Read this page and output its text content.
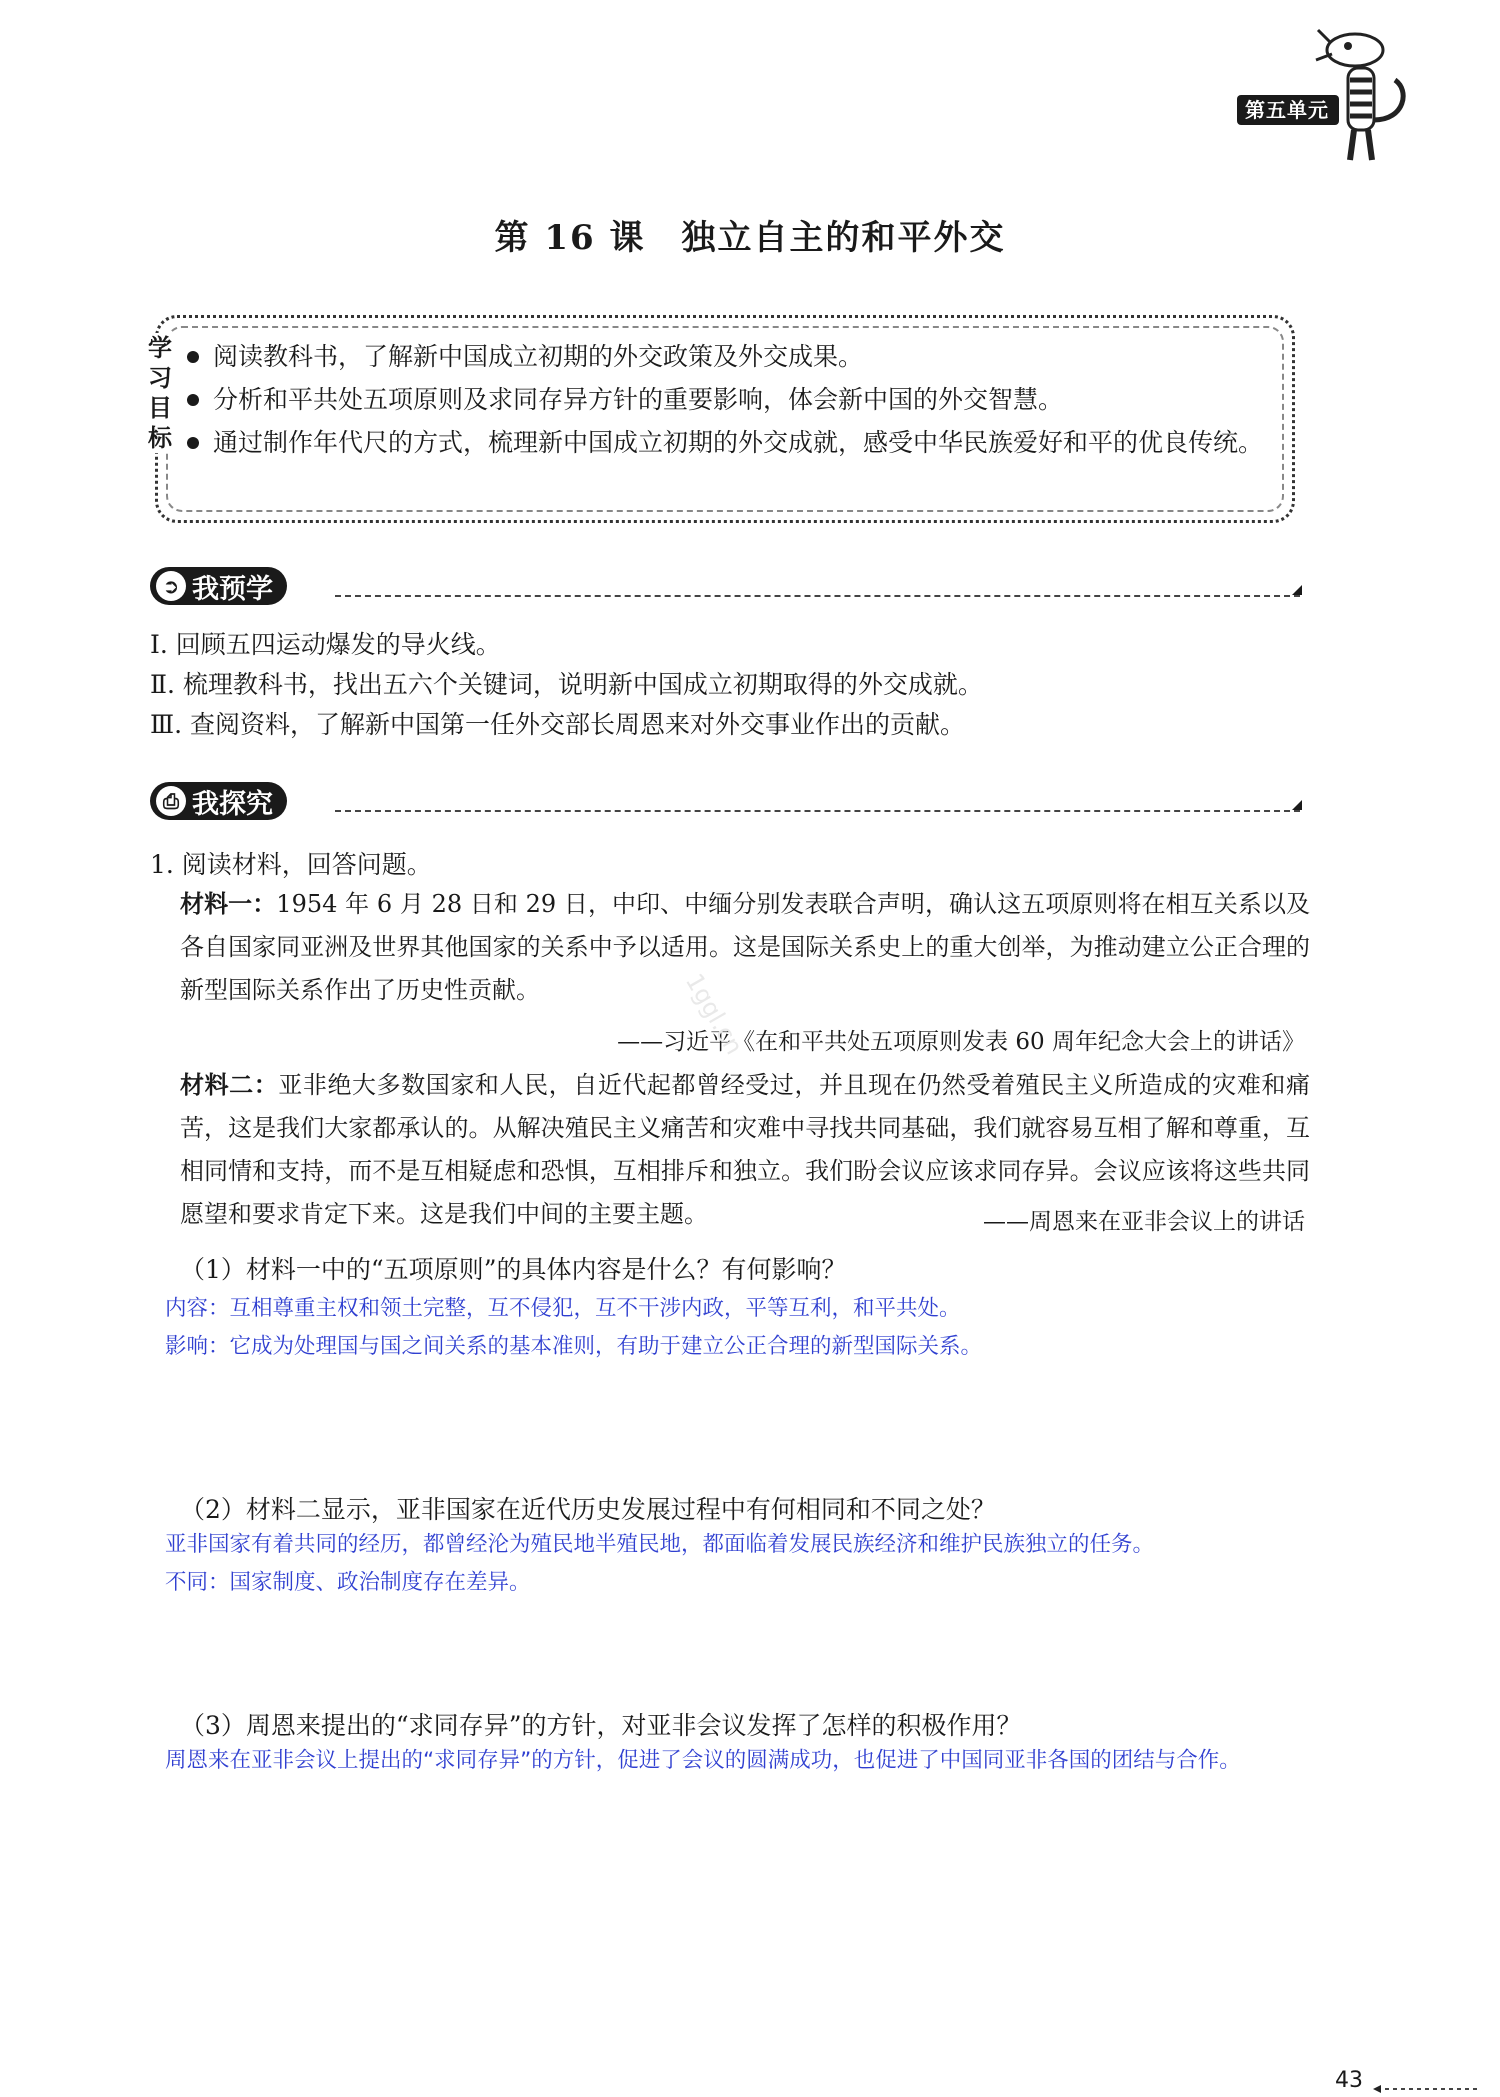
第五单元
第 16 课　独立自主的和平外交
学习目标
阅读教科书，了解新中国成立初期的外交政策及外交成果。
分析和平共处五项原则及求同存异方针的重要影响，体会新中国的外交智慧。
通过制作年代尺的方式，梳理新中国成立初期的外交成就，感受中华民族爱好和平的优良传统。
➲ 我预学
Ⅰ. 回顾五四运动爆发的导火线。
Ⅱ. 梳理教科书，找出五六个关键词，说明新中国成立初期取得的外交成就。
Ⅲ. 查阅资料，了解新中国第一任外交部长周恩来对外交事业作出的贡献。
⎙ 我探究
1. 阅读材料，回答问题。
材料一：1954 年 6 月 28 日和 29 日，中印、中缅分别发表联合声明，确认这五项原则将在相互关系以及各自国家同亚洲及世界其他国家的关系中予以适用。这是国际关系史上的重大创举，为推动建立公正合理的新型国际关系作出了历史性贡献。
——习近平《在和平共处五项原则发表 60 周年纪念大会上的讲话》
材料二：亚非绝大多数国家和人民，自近代起都曾经受过，并且现在仍然受着殖民主义所造成的灾难和痛苦，这是我们大家都承认的。从解决殖民主义痛苦和灾难中寻找共同基础，我们就容易互相了解和尊重，互相同情和支持，而不是互相疑虑和恐惧，互相排斥和独立。我们盼会议应该求同存异。会议应该将这些共同愿望和要求肯定下来。这是我们中间的主要主题。	——周恩来在亚非会议上的讲话
（1）材料一中的“五项原则”的具体内容是什么？有何影响？
内容：互相尊重主权和领土完整，互不侵犯，互不干涉内政，平等互利，和平共处。
影响：它成为处理国与国之间关系的基本准则，有助于建立公正合理的新型国际关系。
（2）材料二显示，亚非国家在近代历史发展过程中有何相同和不同之处？
亚非国家有着共同的经历，都曾经沦为殖民地半殖民地，都面临着发展民族经济和维护民族独立的任务。
不同：国家制度、政治制度存在差异。
（3）周恩来提出的“求同存异”的方针，对亚非会议发挥了怎样的积极作用？
周恩来在亚非会议上提出的“求同存异”的方针，促进了会议的圆满成功，也促进了中国同亚非各国的团结与合作。
1ggl.cn
43
